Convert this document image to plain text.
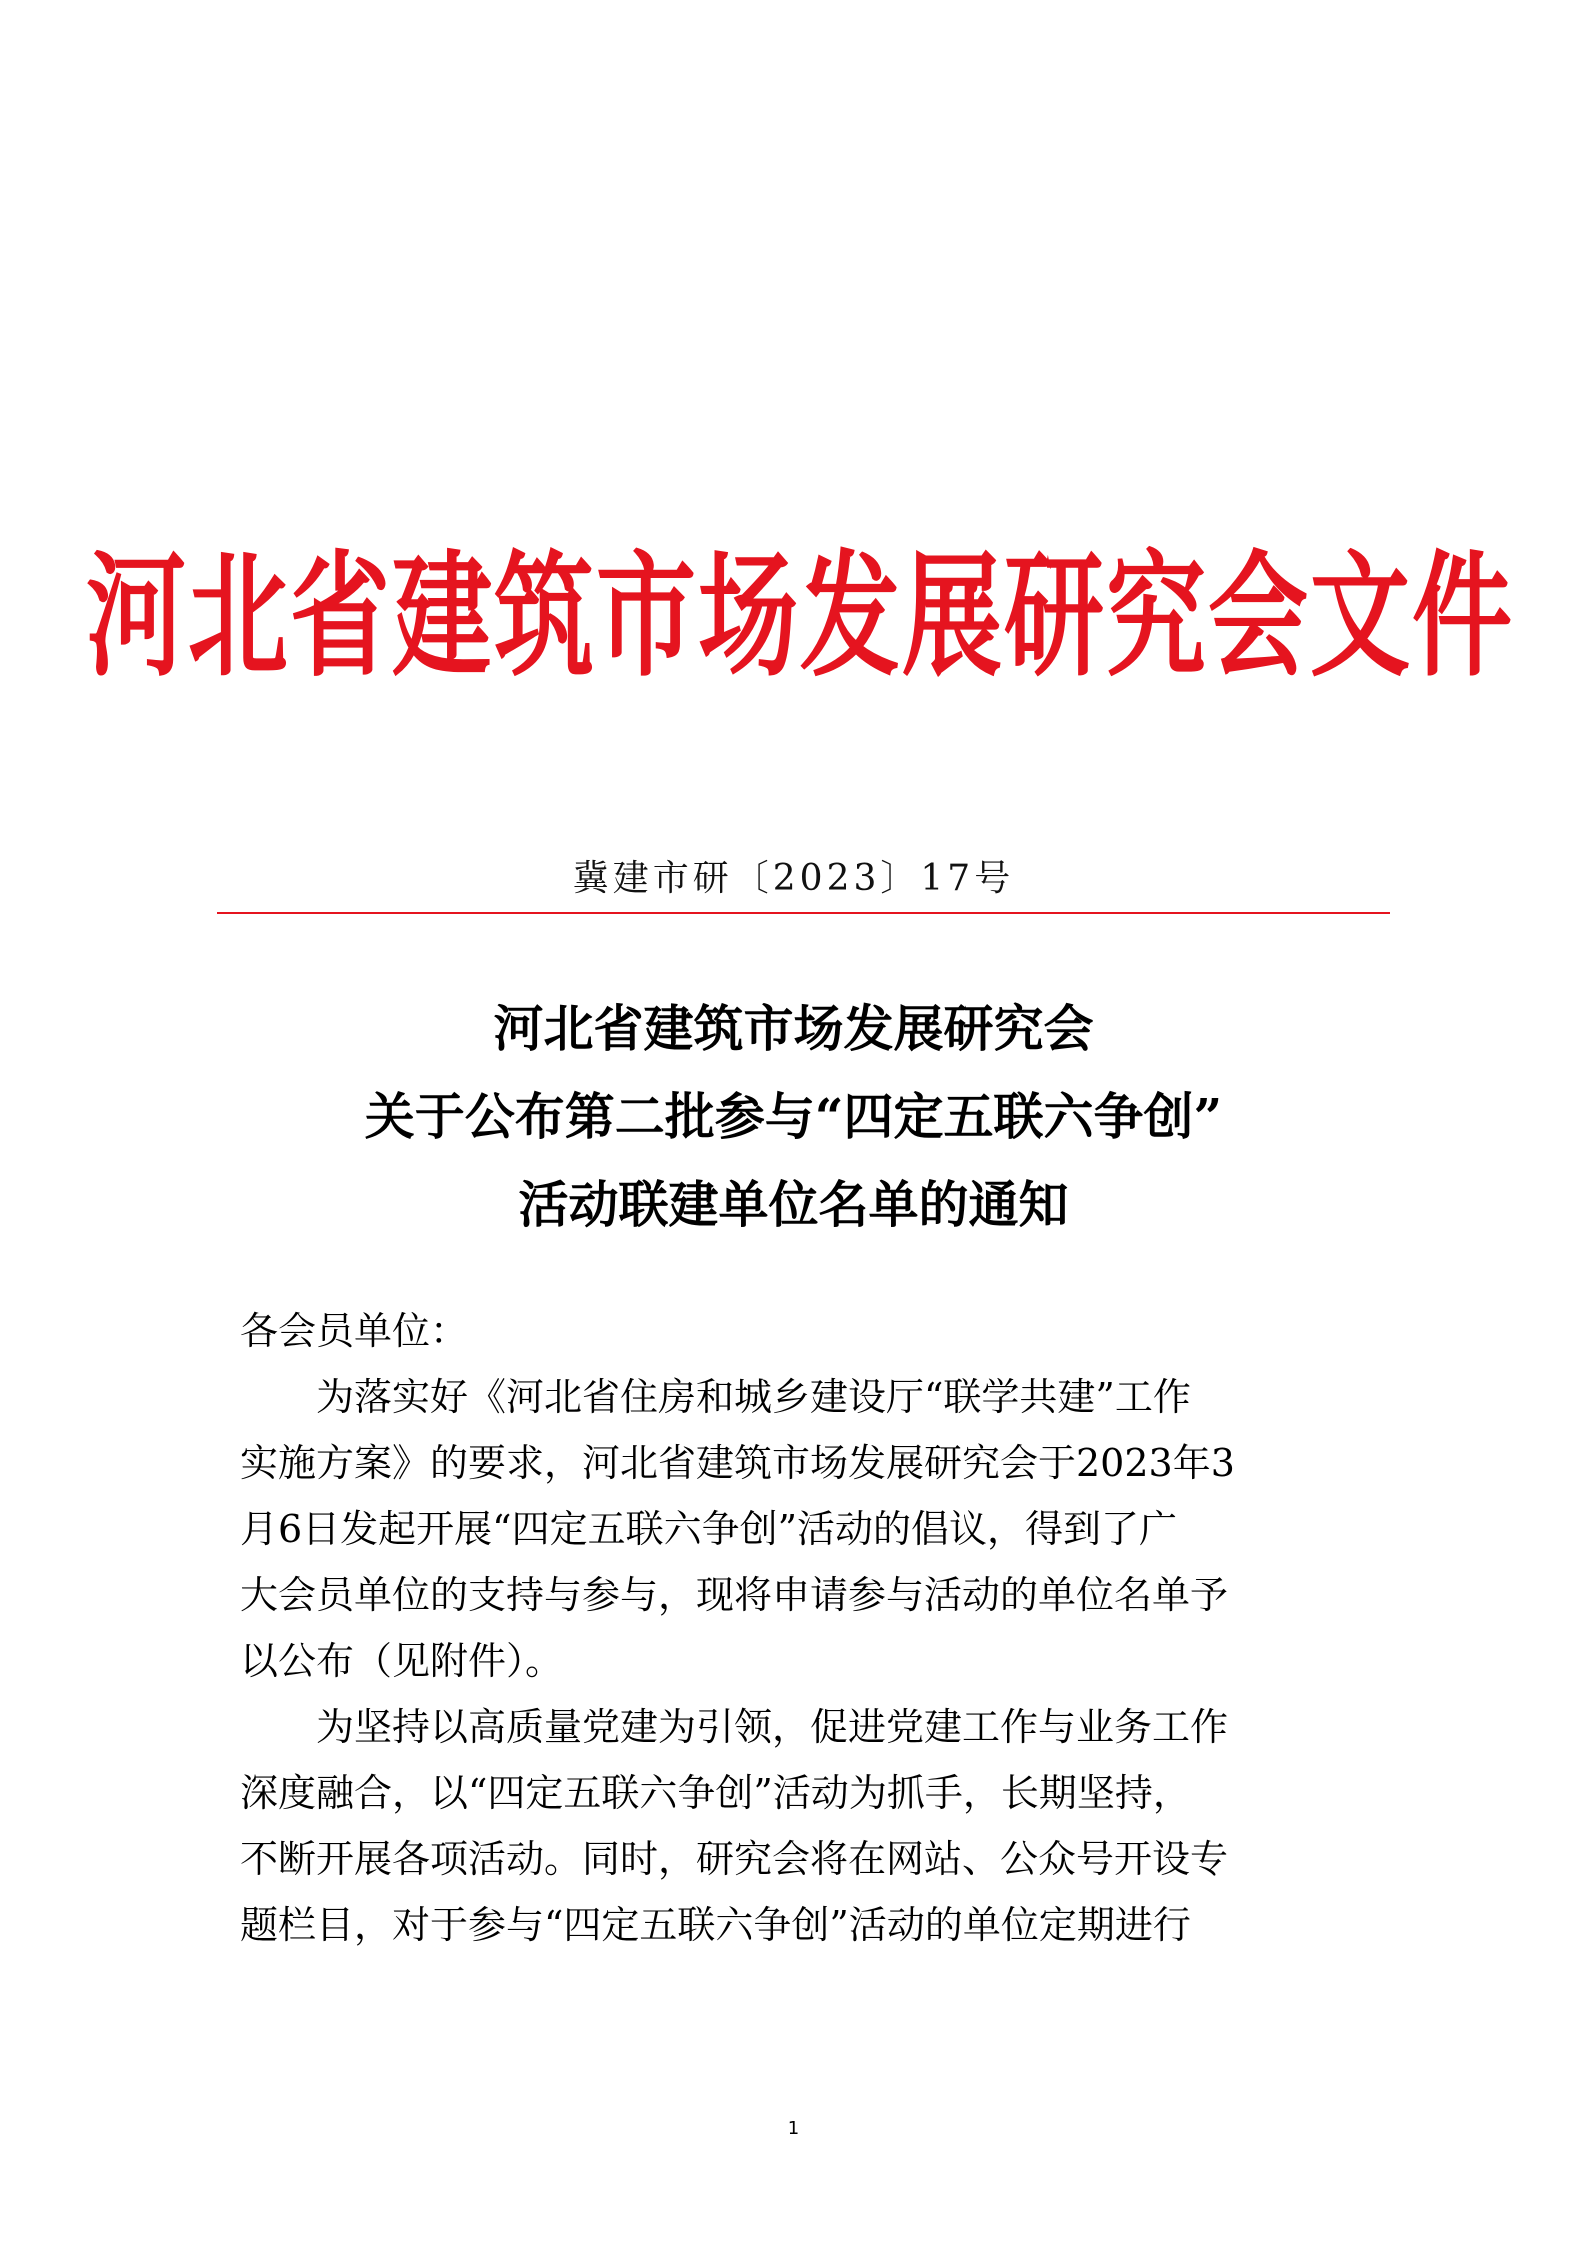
河北省建筑市场发展研究会文件
冀建市研〔2023〕17号
河北省建筑市场发展研究会
关于公布第二批参与“四定五联六争创”
活动联建单位名单的通知

各会员单位：

为落实好《河北省住房和城乡建设厅“联学共建”工作
实施方案》的要求，河北省建筑市场发展研究会于2023年3
月6日发起开展“四定五联六争创”活动的倡议，得到了广
大会员单位的支持与参与，现将申请参与活动的单位名单予
以公布（见附件）。

为坚持以高质量党建为引领，促进党建工作与业务工作
深度融合，以“四定五联六争创”活动为抓手，长期坚持，
不断开展各项活动。同时，研究会将在网站、公众号开设专
题栏目，对于参与“四定五联六争创”活动的单位定期进行

1
